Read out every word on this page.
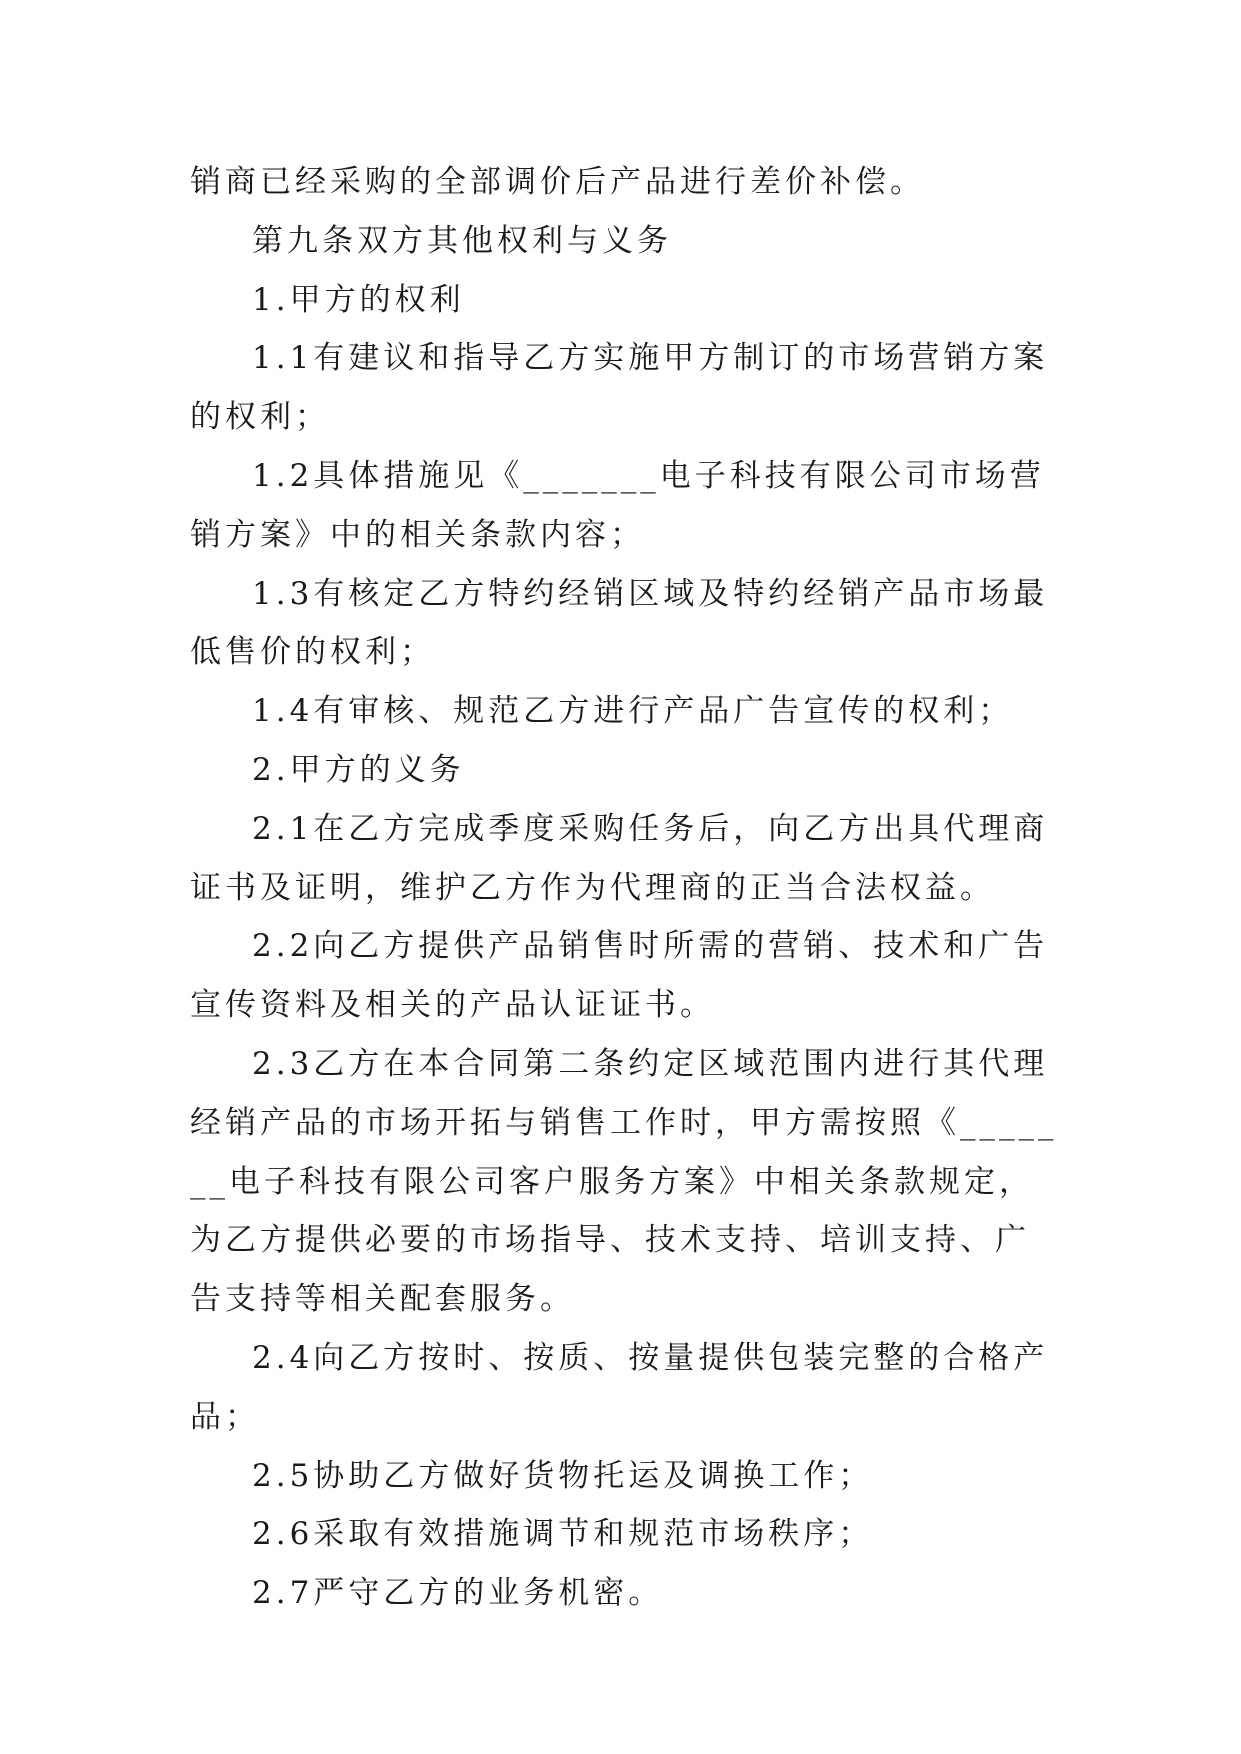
销商已经采购的全部调价后产品进行差价补偿。

第九条双方其他权利与义务

1.甲方的权利

1.1有建议和指导乙方实施甲方制订的市场营销方案的权利；

1.2具体措施见《_______电子科技有限公司市场营销方案》中的相关条款内容；

1.3有核定乙方特约经销区域及特约经销产品市场最低售价的权利；

1.4有审核、规范乙方进行产品广告宣传的权利；

2.甲方的义务

2.1在乙方完成季度采购任务后，向乙方出具代理商证书及证明，维护乙方作为代理商的正当合法权益。

2.2向乙方提供产品销售时所需的营销、技术和广告宣传资料及相关的产品认证证书。

2.3乙方在本合同第二条约定区域范围内进行其代理经销产品的市场开拓与销售工作时，甲方需按照《_______电子科技有限公司客户服务方案》中相关条款规定，为乙方提供必要的市场指导、技术支持、培训支持、广告支持等相关配套服务。

2.4向乙方按时、按质、按量提供包装完整的合格产品；

2.5协助乙方做好货物托运及调换工作；

2.6采取有效措施调节和规范市场秩序；

2.7严守乙方的业务机密。
